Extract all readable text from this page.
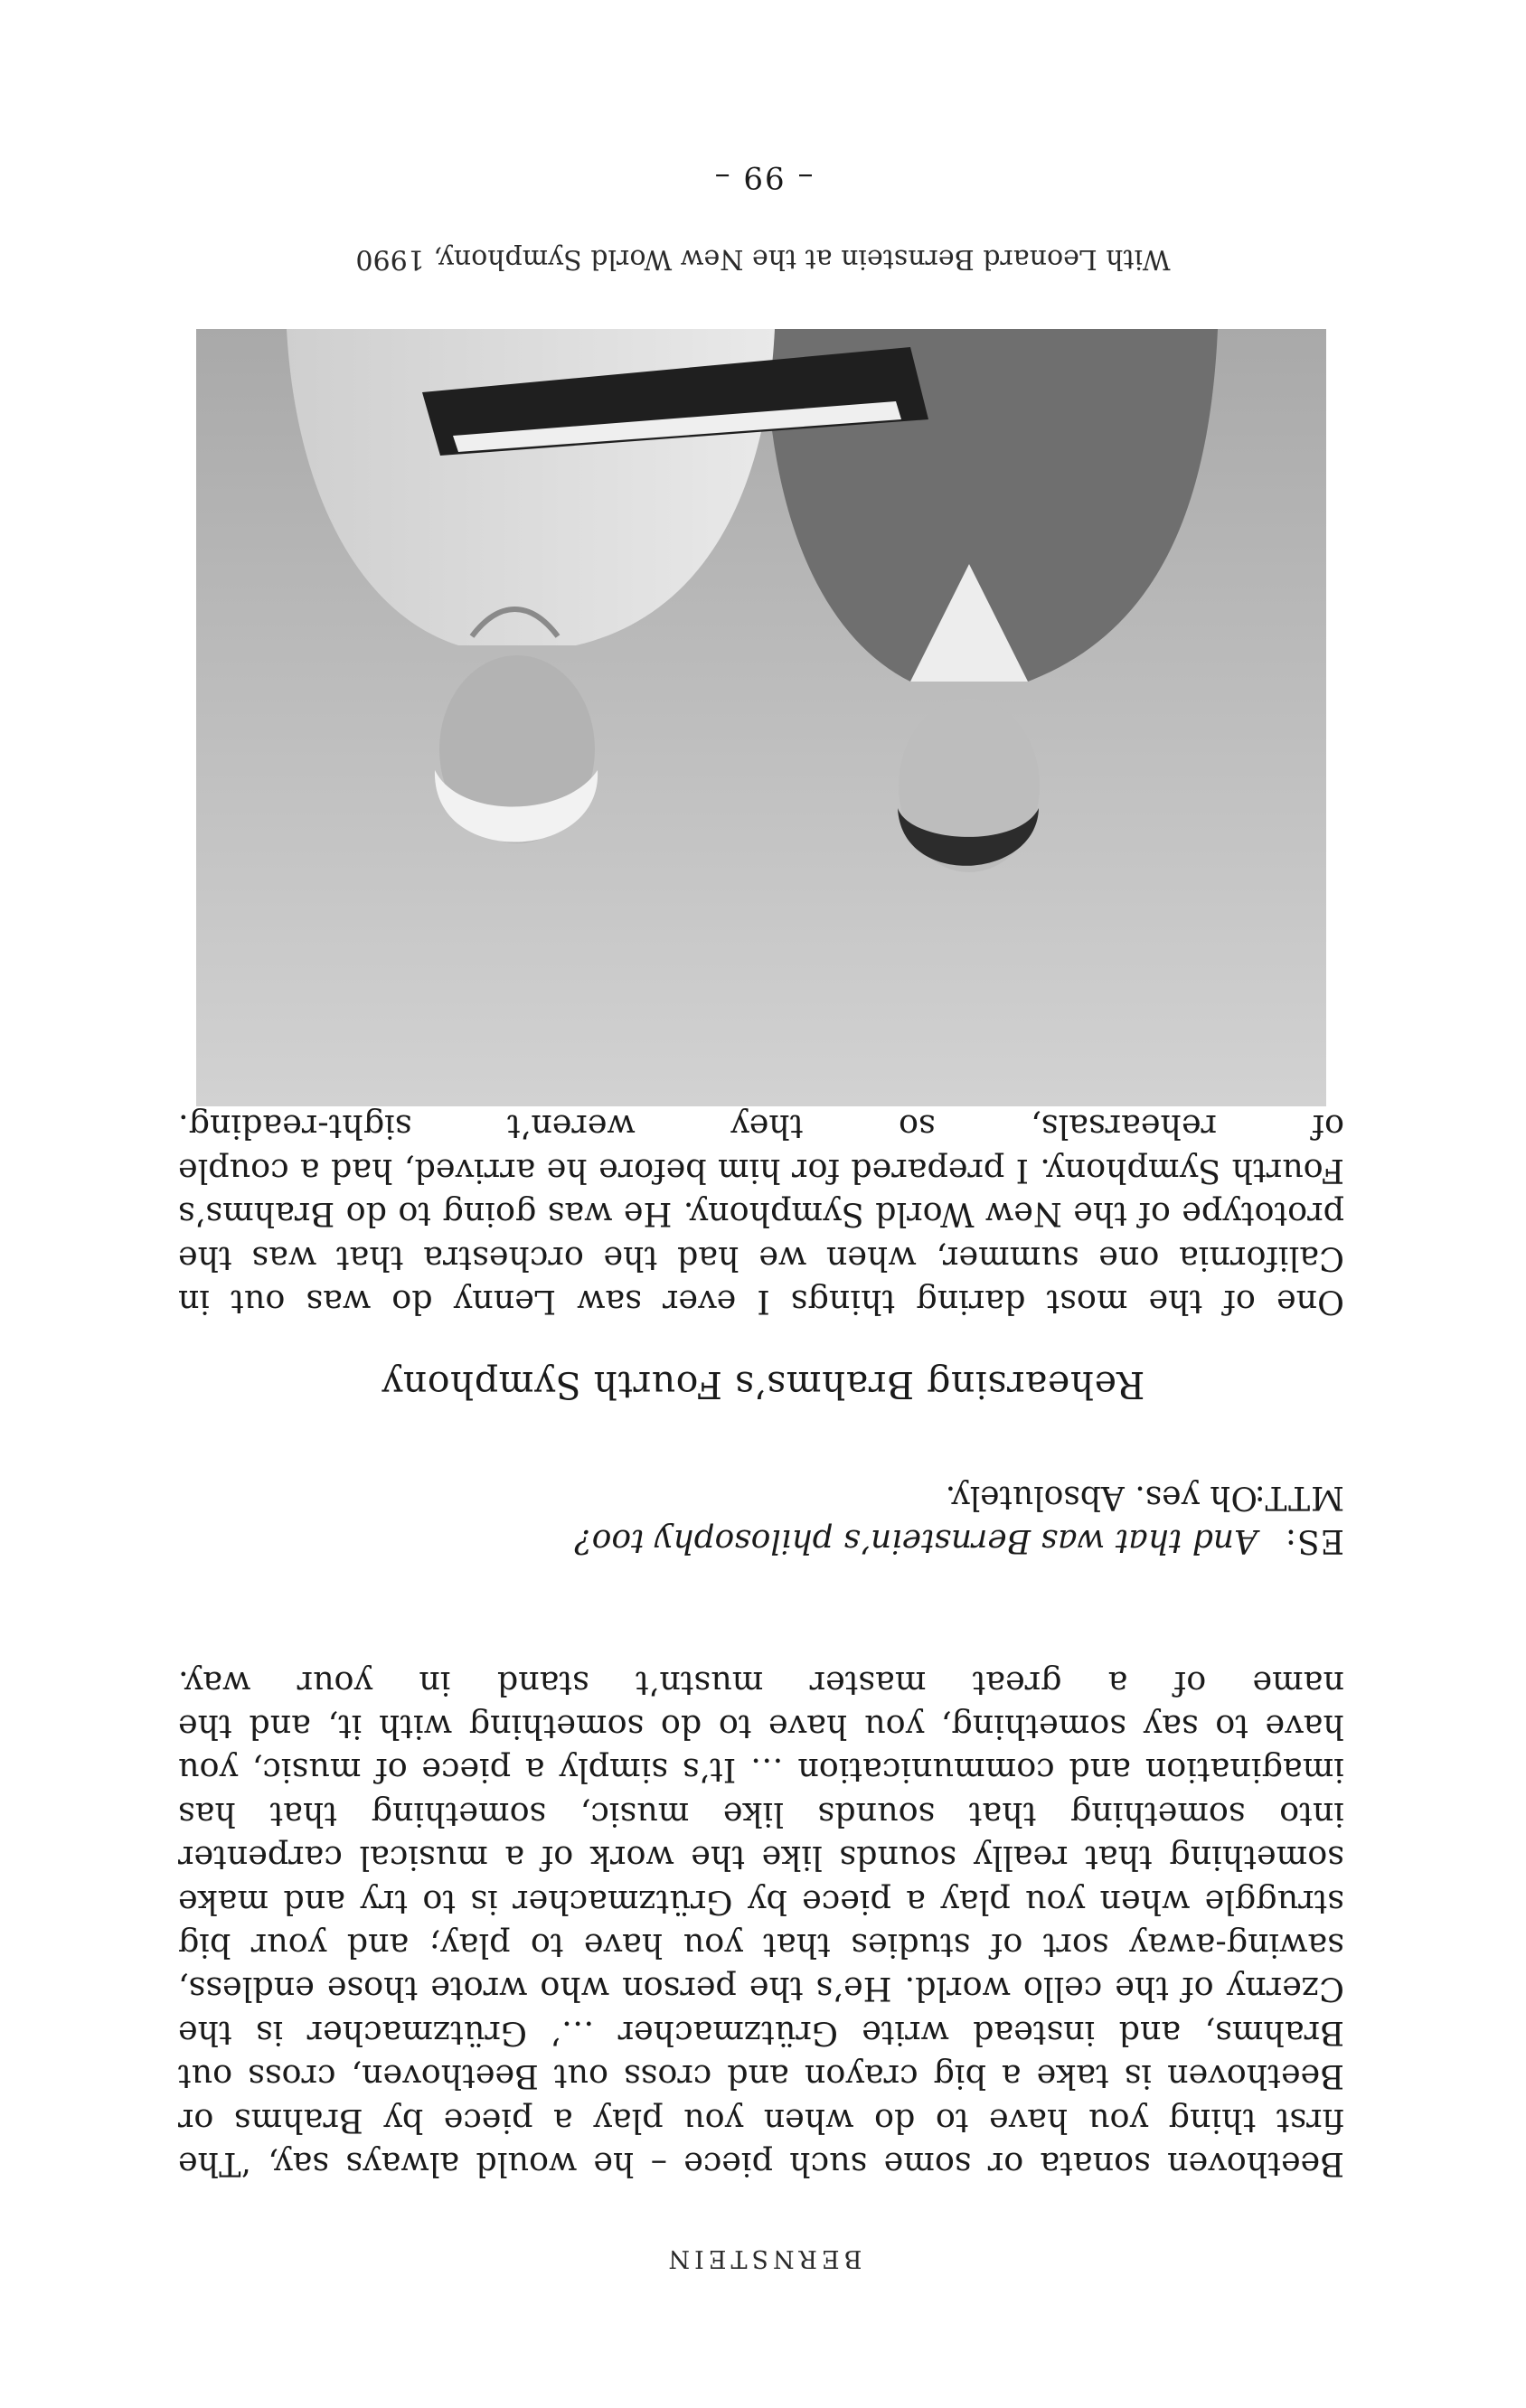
BERNSTEIN

Beethoven sonata or some such piece – he would always say, ‘The first thing you have to do when you play a piece by Brahms or Beethoven is take a big crayon and cross out Beethoven, cross out Brahms, and instead write Grützmacher …’ Grützmacher is the Czerny of the cello world. He’s the person who wrote those endless, sawing-away sort of studies that you have to play; and your big struggle when you play a piece by Grützmacher is to try and make something that really sounds like the work of a musical carpenter into something that sounds like music, something that has imagination and communication … It’s simply a piece of music, you have to say something, you have to do something with it, and the name of a great master mustn’t stand in your way.

ES:And that was Bernstein’s philosophy too?
MTT:Oh yes. Absolutely.
Rehearsing Brahms’s Fourth Symphony

One of the most daring things I ever saw Lenny do was out in California one summer, when we had the orchestra that was the prototype of the New World Symphony. He was going to do Brahms’s Fourth Symphony. I prepared for him before he arrived, had a couple of rehearsals, so they weren’t sight-reading.

With Leonard Bernstein at the New World Symphony, 1990
– 99 –
